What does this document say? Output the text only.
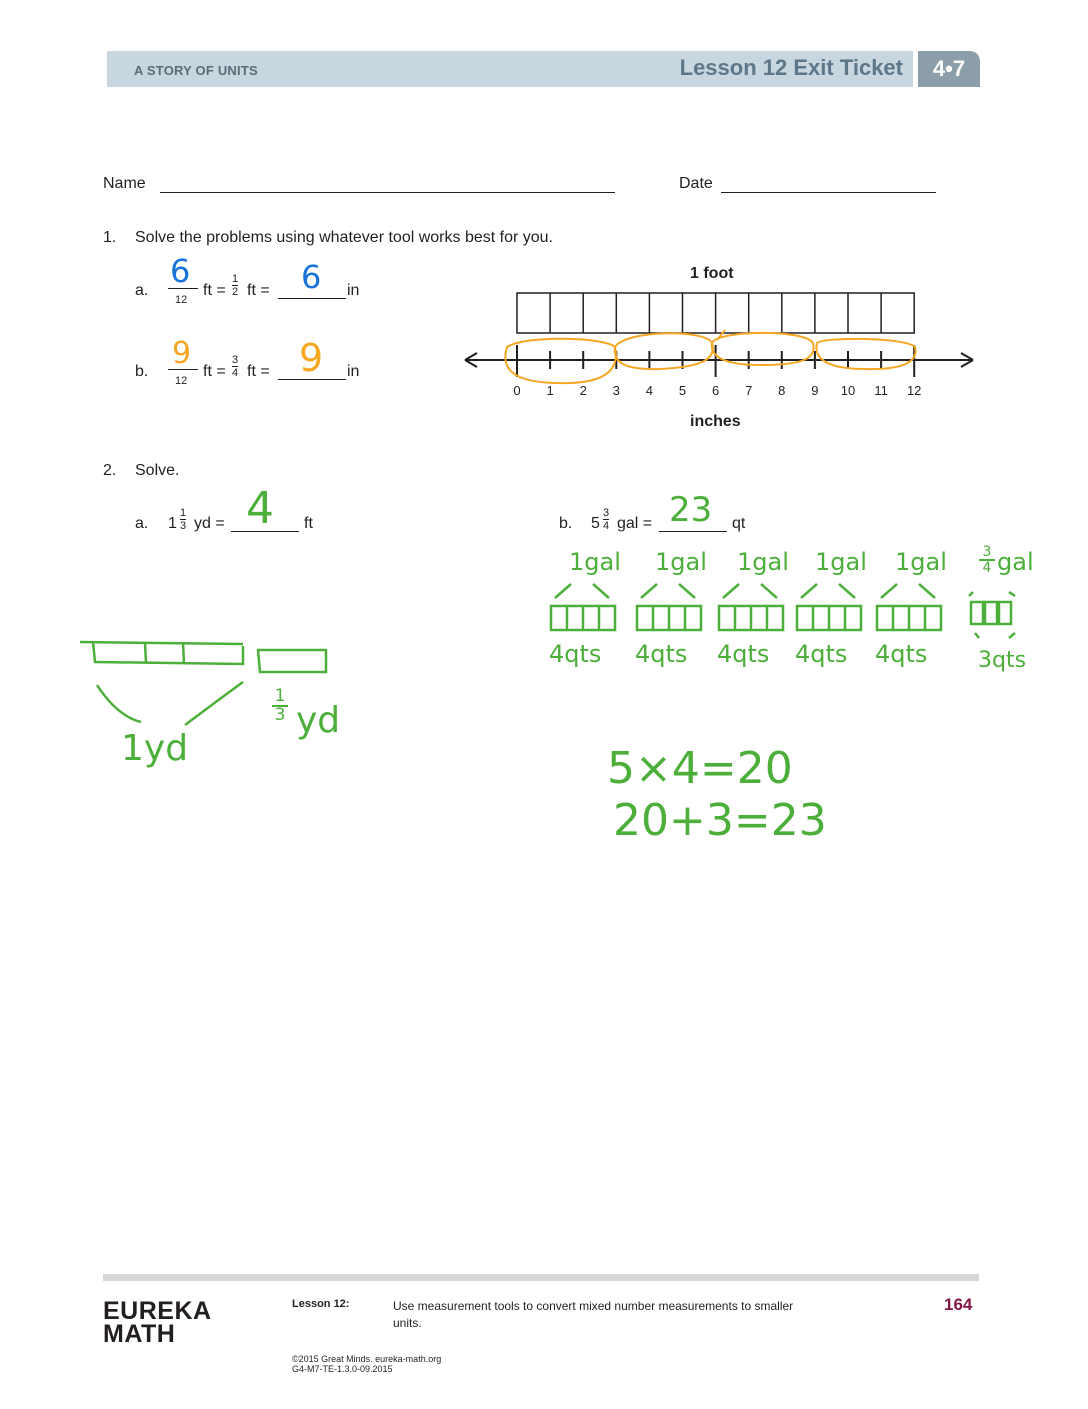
A STORY OF UNITS	Lesson 12 Exit Ticket	4•7
Name	Date
1. Solve the problems using whatever tool works best for you.
a.
6
12
ft = $\frac{1}{2}$ ft = 6 in
b.
9
12
ft = $\frac{3}{4}$ ft = 9 in
1 foot
0 1 2 3 4 5 6 7 8 9 10 11 12
inches
2. Solve.
a. $1 \frac{1}{3}$ yd = 4 ft
1yd
1
3 yd
b. $5 \frac{3}{4}$ gal = 23 qt
1gal
4qts
1gal
4qts
1gal
4qts
1gal
4qts
1gal
4qts
3
4 gal
3qts
5×4=20
20+3=23
EUREKA
MATH
Lesson 12:	Use measurement tools to convert mixed number measurements to smaller units.
164
©2015 Great Minds. eureka-math.org
G4-M7-TE-1.3.0-09.2015
